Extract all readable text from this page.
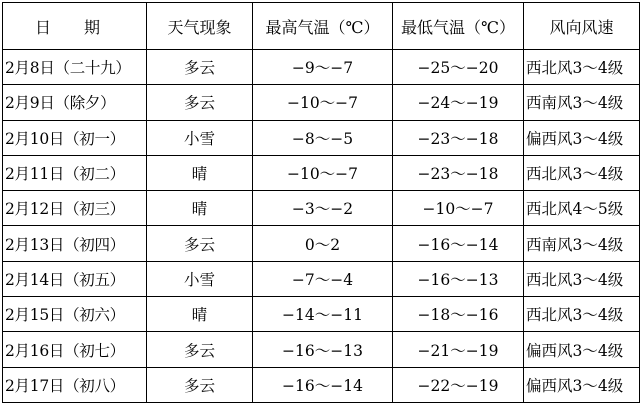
日 期	天气现象	最高气温（℃）	最低气温（℃）	风向风速
2月8日（二十九）	多云	−9～−7	−25～−20	西北风3～4级
2月9日（除夕）	多云	−10～−7	−24～−19	西南风3～4级
2月10日（初一）	小雪	−8～−5	−23～−18	偏西风3～4级
2月11日（初二）	晴	−10～−7	−23～−18	西北风3～4级
2月12日（初三）	晴	−3～−2	−10～−7	西北风4～5级
2月13日（初四）	多云	0～2	−16～−14	西南风3～4级
2月14日（初五）	小雪	−7～−4	−16～−13	西北风3～4级
2月15日（初六）	晴	−14～−11	−18～−16	西北风3～4级
2月16日（初七）	多云	−16～−13	−21～−19	偏西风3～4级
2月17日（初八）	多云	−16～−14	−22～−19	偏西风3～4级
